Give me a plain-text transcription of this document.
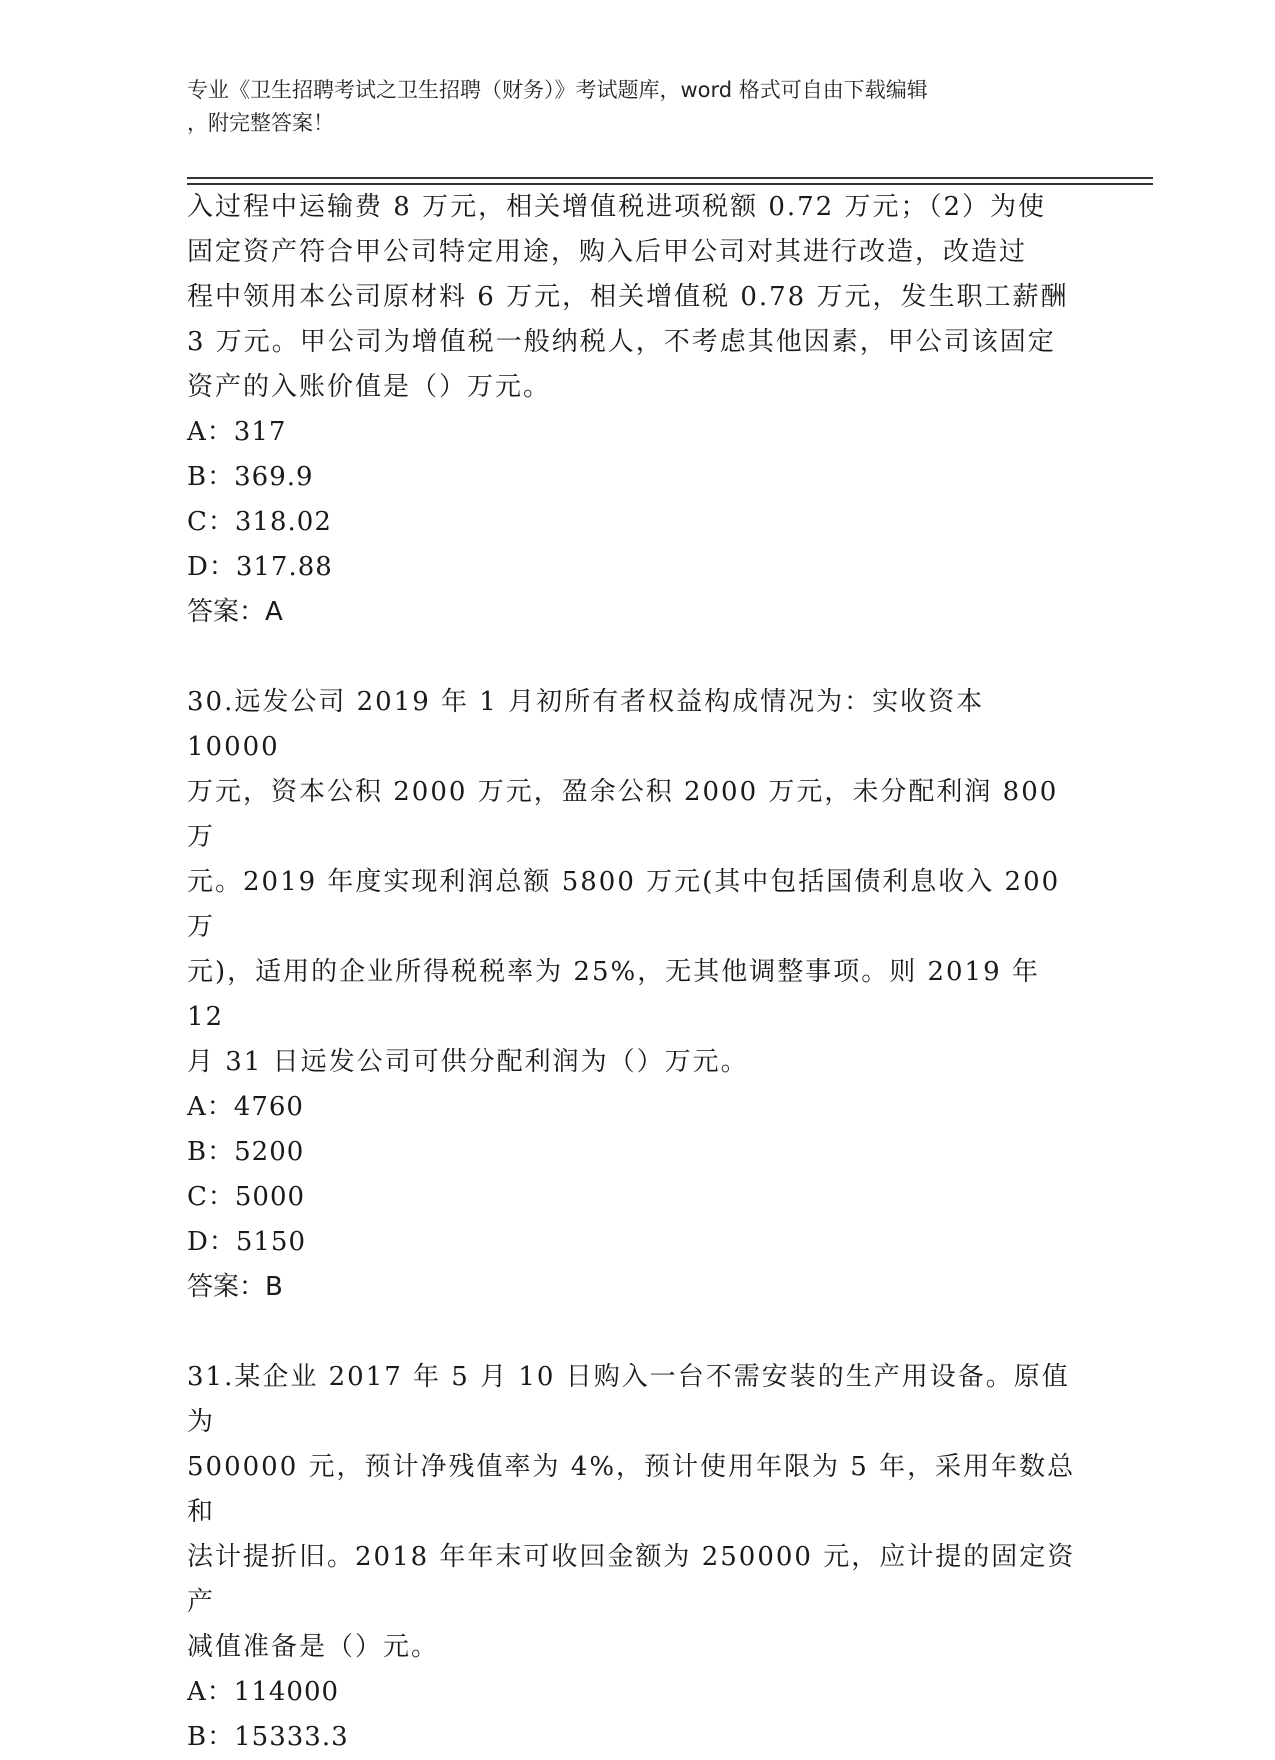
专业《卫生招聘考试之卫生招聘（财务）》考试题库，word 格式可自由下载编辑
，附完整答案！

入过程中运输费 8 万元，相关增值税进项税额 0.72 万元；（2）为使

固定资产符合甲公司特定用途，购入后甲公司对其进行改造，改造过

程中领用本公司原材料 6 万元，相关增值税 0.78 万元，发生职工薪酬

3 万元。甲公司为增值税一般纳税人，不考虑其他因素，甲公司该固定

资产的入账价值是（）万元。

A：317

B：369.9

C：318.02

D：317.88

答案：A

30.远发公司 2019 年 1 月初所有者权益构成情况为：实收资本 10000

万元，资本公积 2000 万元，盈余公积 2000 万元，未分配利润 800 万

元。2019 年度实现利润总额 5800 万元(其中包括国债利息收入 200 万

元)，适用的企业所得税税率为 25%，无其他调整事项。则 2019 年 12

月 31 日远发公司可供分配利润为（）万元。

A：4760

B：5200

C：5000

D：5150

答案：B

31.某企业 2017 年 5 月 10 日购入一台不需安装的生产用设备。原值为

500000 元，预计净残值率为 4%，预计使用年限为 5 年，采用年数总和

法计提折旧。2018 年年末可收回金额为 250000 元，应计提的固定资产

减值准备是（）元。

A：114000

B：15333.3
